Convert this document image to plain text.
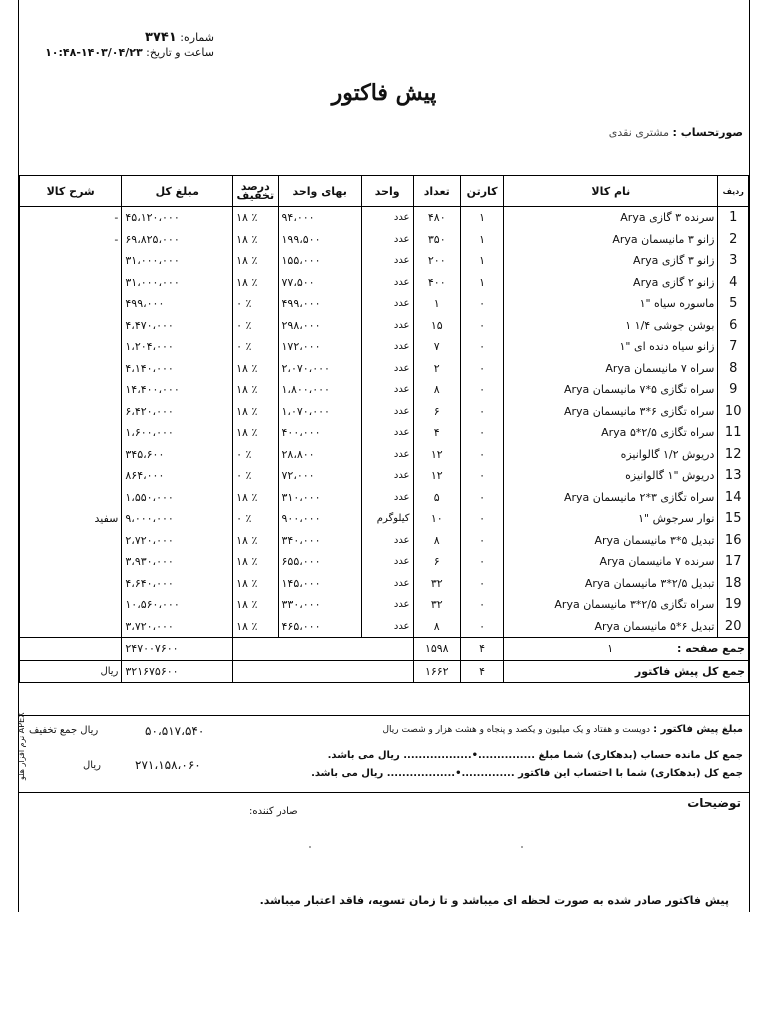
شماره: ۳۷۴۱
ساعت و تاریخ: ۱۴۰۳/۰۴/۲۳-۱۰:۴۸
پیش فاکتور
صورتحساب : مشتری نقدی
ردیف	نام کالا	کارتن	تعداد	واحد	بهای واحد	درصد تخفیف	مبلغ کل	شرح کالا
1	سرنده ۳ گازی Arya	۱	۴۸۰	عدد	۹۴،۰۰۰	٪ ۱۸	۴۵،۱۲۰،۰۰۰	-
2	زانو ۳ مانیسمان Arya	۱	۳۵۰	عدد	۱۹۹،۵۰۰	٪ ۱۸	۶۹،۸۲۵،۰۰۰	-
3	زانو ۳ گازی Arya	۱	۲۰۰	عدد	۱۵۵،۰۰۰	٪ ۱۸	۳۱،۰۰۰،۰۰۰	
4	زانو ۲ گازی Arya	۱	۴۰۰	عدد	۷۷،۵۰۰	٪ ۱۸	۳۱،۰۰۰،۰۰۰	
5	ماسوره سیاه "۱	۰	۱	عدد	۴۹۹،۰۰۰	٪ ۰	۴۹۹،۰۰۰	
6	بوشن جوشی ۱/۴ ۱	۰	۱۵	عدد	۲۹۸،۰۰۰	٪ ۰	۴،۴۷۰،۰۰۰	
7	زانو سیاه دنده ای "۱	۰	۷	عدد	۱۷۲،۰۰۰	٪ ۰	۱،۲۰۴،۰۰۰	
8	سراه ۷ مانیسمان Arya	۰	۲	عدد	۲،۰۷۰،۰۰۰	٪ ۱۸	۴،۱۴۰،۰۰۰	
9	سراه تگازی ۵*۷ مانیسمان Arya	۰	۸	عدد	۱،۸۰۰،۰۰۰	٪ ۱۸	۱۴،۴۰۰،۰۰۰	
10	سراه تگازی ۶*۳ مانیسمان Arya	۰	۶	عدد	۱،۰۷۰،۰۰۰	٪ ۱۸	۶،۴۲۰،۰۰۰	
11	سراه تگازی ۲/۵*۵ Arya	۰	۴	عدد	۴۰۰،۰۰۰	٪ ۱۸	۱،۶۰۰،۰۰۰	
12	دریوش ۱/۲ گالوانیزه	۰	۱۲	عدد	۲۸،۸۰۰	٪ ۰	۳۴۵،۶۰۰	
13	دریوش "۱ گالوانیزه	۰	۱۲	عدد	۷۲،۰۰۰	٪ ۰	۸۶۴،۰۰۰	
14	سراه تگازی ۳*۲ مانیسمان Arya	۰	۵	عدد	۳۱۰،۰۰۰	٪ ۱۸	۱،۵۵۰،۰۰۰	
15	نوار سرجوش "۱	۰	۱۰	کیلوگرم	۹۰۰،۰۰۰	٪ ۰	۹،۰۰۰،۰۰۰	سفید
16	تبدیل ۵*۳ مانیسمان Arya	۰	۸	عدد	۳۴۰،۰۰۰	٪ ۱۸	۲،۷۲۰،۰۰۰	
17	سرنده ۷ مانیسمان Arya	۰	۶	عدد	۶۵۵،۰۰۰	٪ ۱۸	۳،۹۳۰،۰۰۰	
18	تبدیل ۲/۵*۳ مانیسمان Arya	۰	۳۲	عدد	۱۴۵،۰۰۰	٪ ۱۸	۴،۶۴۰،۰۰۰	
19	سراه تگازی ۲/۵*۳ مانیسمان Arya	۰	۳۲	عدد	۳۳۰،۰۰۰	٪ ۱۸	۱۰،۵۶۰،۰۰۰	
20	تبدیل ۶*۵ مانیسمان Arya	۰	۸	عدد	۴۶۵،۰۰۰	٪ ۱۸	۳،۷۲۰،۰۰۰	
جمع صفحه : ۱		۴	۱۵۹۸				۲۴۷۰۰۷۶۰۰	
جمع کل پیش فاکتور		۴	۱۶۶۲				۳۲۱۶۷۵۶۰۰	ریال
مبلغ پیش فاکتور : دویست و هفتاد و یک میلیون و یکصد و پنجاه و هشت هزار و شصت ریال
جمع کل مانده حساب (بدهکاری) شما مبلغ ...............•.................. ریال می باشد.
جمع کل (بدهکاری) شما با احتساب این فاکتور ..............•.................. ریال می باشد.
ریال جمع تخفیف	۵۰،۵۱۷،۵۴۰
ریال	۲۷۱،۱۵۸،۰۶۰
نرم افزار هلو APEX
توضیحات
صادر کننده:
پیش فاکتور صادر شده به صورت لحظه ای میباشد و تا زمان تسویه، فاقد اعتبار میباشد.
